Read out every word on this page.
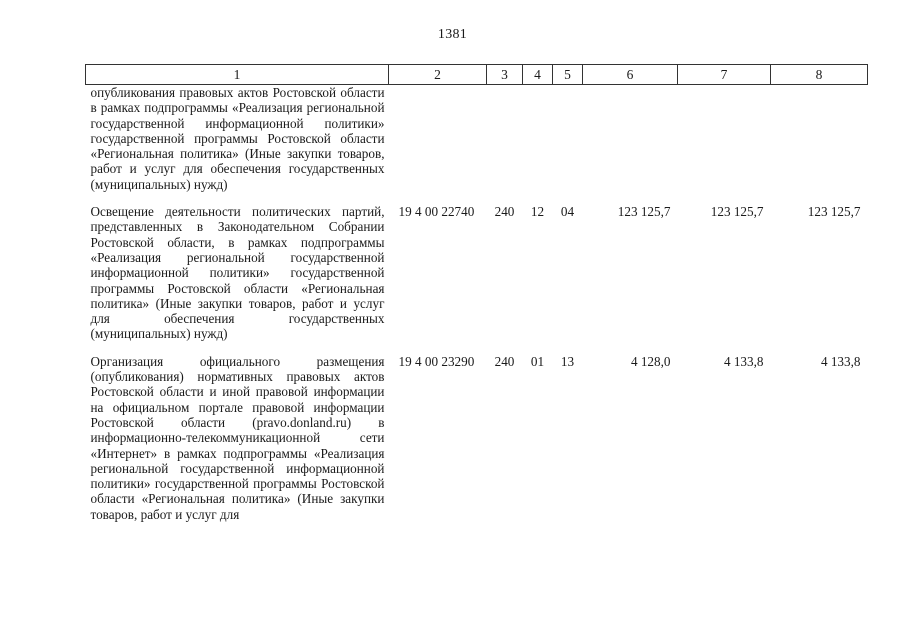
1381
1	2	3	4	5	6	7	8
опубликования правовых актов Ростовской области в рамках подпрограммы «Реализация региональной государственной информационной политики» государственной программы Ростовской области «Региональная политика» (Иные закупки товаров, работ и услуг для обеспечения государственных (муниципальных) нужд)							
Освещение деятельности политических партий, представленных в Законодательном Собрании Ростовской области, в рамках подпрограммы «Реализация региональной государственной информационной политики» государственной программы Ростовской области «Региональная политика» (Иные закупки товаров, работ и услуг для обеспечения государственных (муниципальных) нужд)	19 4 00 22740	240	12	04	123 125,7	123 125,7	123 125,7
Организация официального размещения (опубликования) нормативных правовых актов Ростовской области и иной правовой информации на официальном портале правовой информации Ростовской области (pravo.donland.ru) в информационно-телекоммуникационной сети «Интернет» в рамках подпрограммы «Реализация региональной государственной информационной политики» государственной программы Ростовской области «Региональная политика» (Иные закупки товаров, работ и услуг для	19 4 00 23290	240	01	13	4 128,0	4 133,8	4 133,8
